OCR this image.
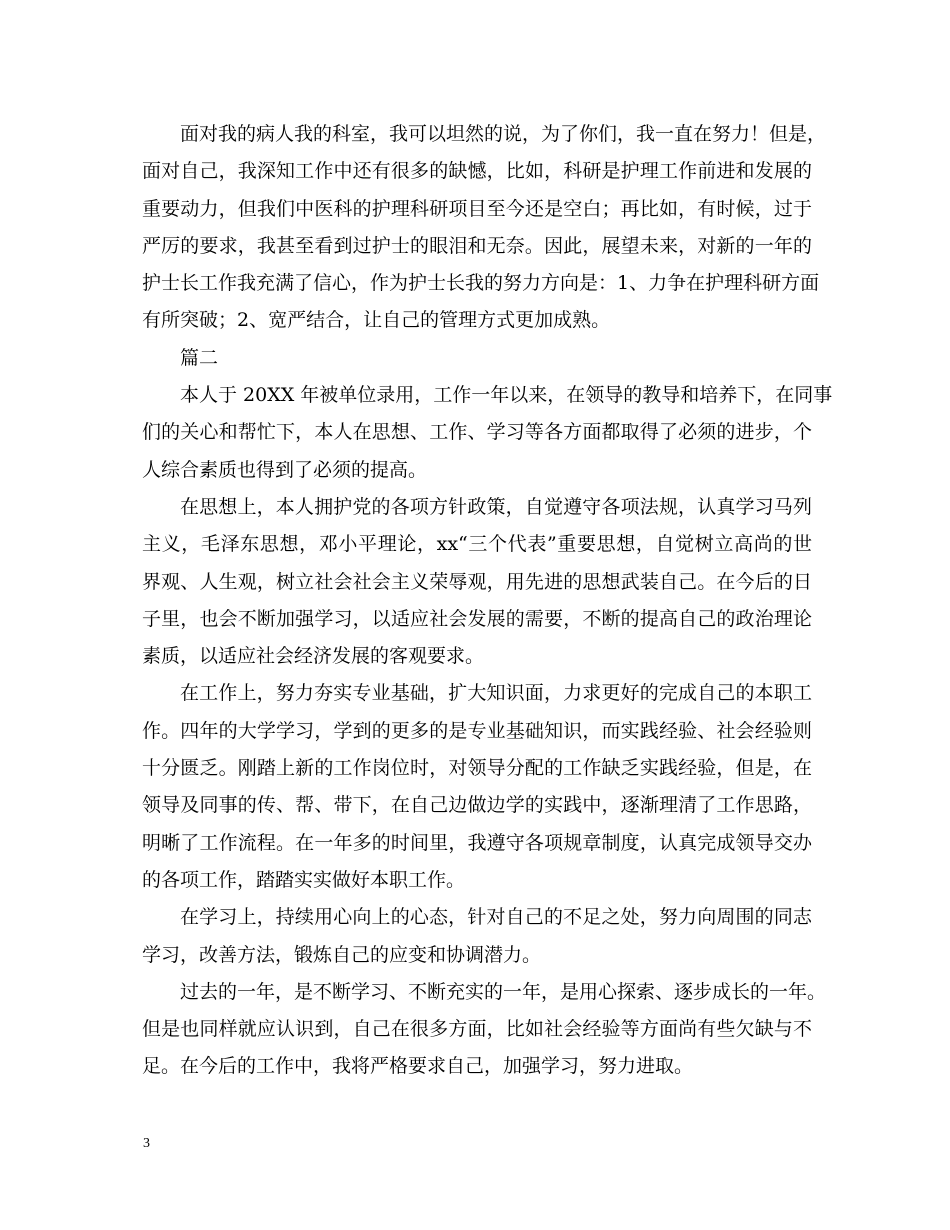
面对我的病人我的科室，我可以坦然的说，为了你们，我一直在努力！但是，
面对自己，我深知工作中还有很多的缺憾，比如，科研是护理工作前进和发展的
重要动力，但我们中医科的护理科研项目至今还是空白；再比如，有时候，过于
严厉的要求，我甚至看到过护士的眼泪和无奈。因此，展望未来，对新的一年的
护士长工作我充满了信心，作为护士长我的努力方向是：1、力争在护理科研方面
有所突破；2、宽严结合，让自己的管理方式更加成熟。
篇二
本人于 20XX 年被单位录用，工作一年以来，在领导的教导和培养下，在同事
们的关心和帮忙下，本人在思想、工作、学习等各方面都取得了必须的进步，个
人综合素质也得到了必须的提高。
在思想上，本人拥护党的各项方针政策，自觉遵守各项法规，认真学习马列
主义，毛泽东思想，邓小平理论，xx“三个代表”重要思想，自觉树立高尚的世
界观、人生观，树立社会社会主义荣辱观，用先进的思想武装自己。在今后的日
子里，也会不断加强学习，以适应社会发展的需要，不断的提高自己的政治理论
素质，以适应社会经济发展的客观要求。
在工作上，努力夯实专业基础，扩大知识面，力求更好的完成自己的本职工
作。四年的大学学习，学到的更多的是专业基础知识，而实践经验、社会经验则
十分匮乏。刚踏上新的工作岗位时，对领导分配的工作缺乏实践经验，但是，在
领导及同事的传、帮、带下，在自己边做边学的实践中，逐渐理清了工作思路，
明晰了工作流程。在一年多的时间里，我遵守各项规章制度，认真完成领导交办
的各项工作，踏踏实实做好本职工作。
在学习上，持续用心向上的心态，针对自己的不足之处，努力向周围的同志
学习，改善方法，锻炼自己的应变和协调潜力。
过去的一年，是不断学习、不断充实的一年，是用心探索、逐步成长的一年。
但是也同样就应认识到，自己在很多方面，比如社会经验等方面尚有些欠缺与不
足。在今后的工作中，我将严格要求自己，加强学习，努力进取。
3
